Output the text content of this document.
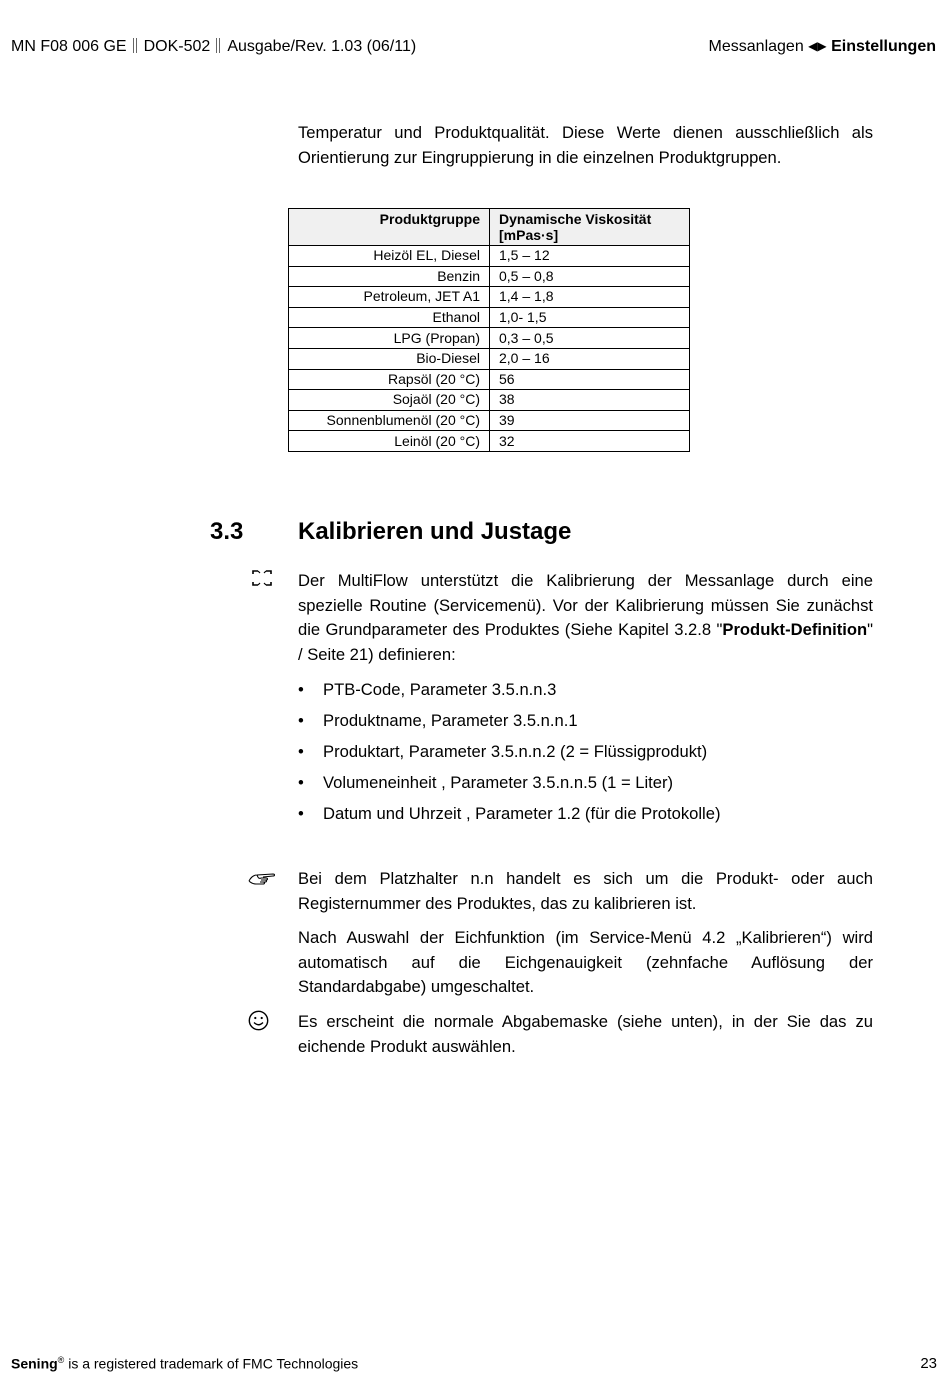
MN F08 006 GE DOK-502 Ausgabe/Rev. 1.03 (06/11)	Messanlagen ◀▶ Einstellungen

Temperatur und Produktqualität. Diese Werte dienen ausschließlich als Orientierung zur Eingruppierung in die einzelnen Produktgruppen.

Produktgruppe	Dynamische Viskosität
[mPas·s]
Heizöl EL, Diesel	1,5 – 12
Benzin	0,5 – 0,8
Petroleum, JET A1	1,4 – 1,8
Ethanol	1,0- 1,5
LPG (Propan)	0,3 – 0,5
Bio-Diesel	2,0 – 16
Rapsöl (20 °C)	56
Sojaöl (20 °C)	38
Sonnenblumenöl (20 °C)	39
Leinöl (20 °C)	32
3.3 Kalibrieren und Justage

Der MultiFlow unterstützt die Kalibrierung der Messanlage durch eine spezielle Routine (Servicemenü). Vor der Kalibrierung müssen Sie zunächst die Grundparameter des Produktes (Siehe Kapitel 3.2.8 "Produkt-Definition" / Seite 21) definieren:

• PTB-Code, Parameter 3.5.n.n.3
• Produktname, Parameter 3.5.n.n.1
• Produktart, Parameter 3.5.n.n.2 (2 = Flüssigprodukt)
• Volumeneinheit , Parameter 3.5.n.n.5 (1 = Liter)
• Datum und Uhrzeit , Parameter 1.2 (für die Protokolle)

Bei dem Platzhalter n.n handelt es sich um die Produkt- oder auch Registernummer des Produktes, das zu kalibrieren ist.

Nach Auswahl der Eichfunktion (im Service-Menü 4.2 „Kalibrieren“) wird automatisch auf die Eichgenauigkeit (zehnfache Auflösung der Standardabgabe) umgeschaltet.

Es erscheint die normale Abgabemaske (siehe unten), in der Sie das zu eichende Produkt auswählen.

Sening® is a registered trademark of FMC Technologies	23
